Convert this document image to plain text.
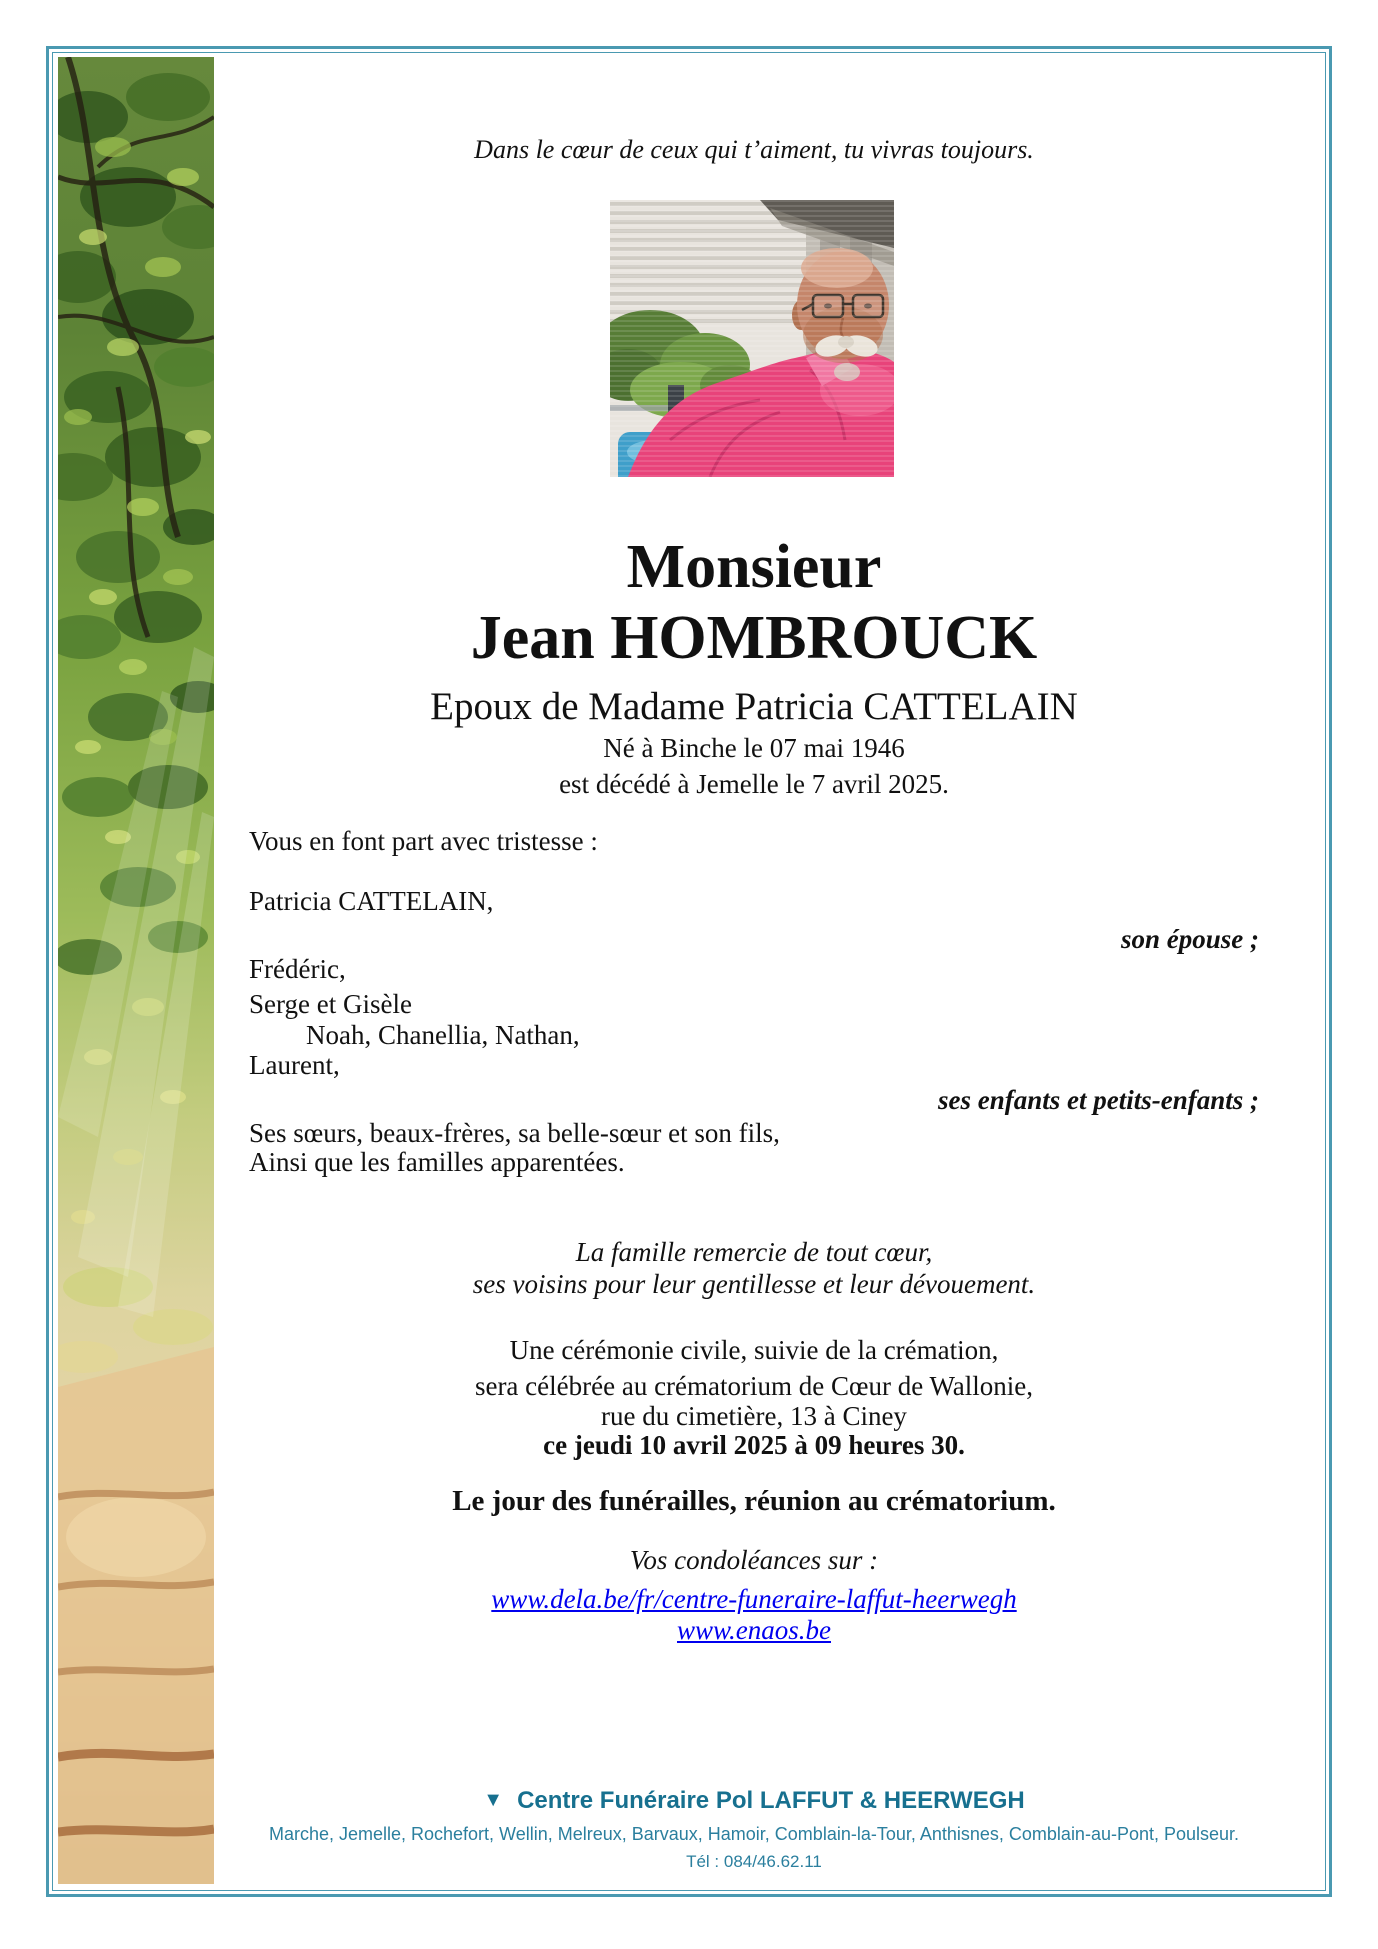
Dans le cœur de ceux qui t’aiment, tu vivras toujours.
Monsieur
Jean HOMBROUCK
Epoux de Madame Patricia CATTELAIN
Né à Binche le 07 mai 1946
est décédé à Jemelle le 7 avril 2025.
Vous en font part avec tristesse :
Patricia CATTELAIN,
son épouse ;
Frédéric,
Serge et Gisèle
Noah, Chanellia, Nathan,
Laurent,
ses enfants et petits-enfants ;
Ses sœurs, beaux-frères, sa belle-sœur et son fils,
Ainsi que les familles apparentées.
La famille remercie de tout cœur,
ses voisins pour leur gentillesse et leur dévouement.
Une cérémonie civile, suivie de la crémation,
sera célébrée au crématorium de Cœur de Wallonie,
rue du cimetière, 13 à Ciney
ce jeudi 10 avril 2025 à 09 heures 30.
Le jour des funérailles, réunion au crématorium.
Vos condoléances sur :
www.dela.be/fr/centre-funeraire-laffut-heerwegh
www.enaos.be
▼ Centre Funéraire Pol LAFFUT & HEERWEGH
Marche, Jemelle, Rochefort, Wellin, Melreux, Barvaux, Hamoir, Comblain-la-Tour, Anthisnes, Comblain-au-Pont, Poulseur.
Tél : 084/46.62.11
